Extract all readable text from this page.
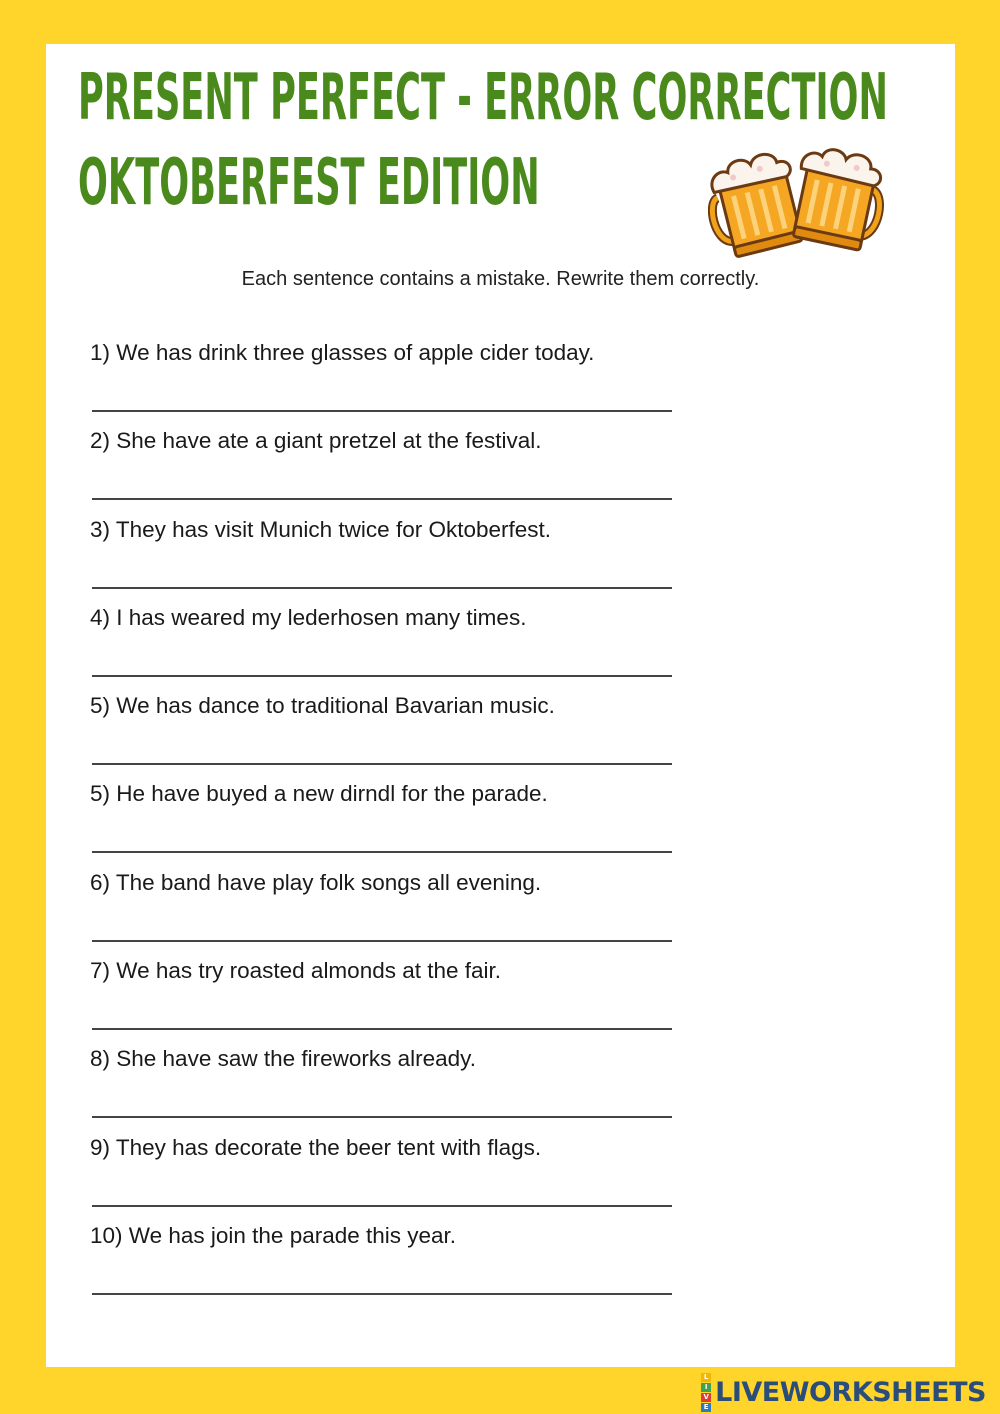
PRESENT PERFECT - ERROR CORRECTION
OKTOBERFEST EDITION
Each sentence contains a mistake. Rewrite them correctly.
1) We has drink three glasses of apple cider today.
2) She have ate a giant pretzel at the festival.
3) They has visit Munich twice for Oktoberfest.
4) I has weared my lederhosen many times.
5) We has dance to traditional Bavarian music.
5) He have buyed a new dirndl for the parade.
6) The band have play folk songs all evening.
7) We has try roasted almonds at the fair.
8) She have saw the fireworks already.
9) They has decorate the beer tent with flags.
10) We has join the parade this year.
L
I
V
E LIVEWORKSHEETS
